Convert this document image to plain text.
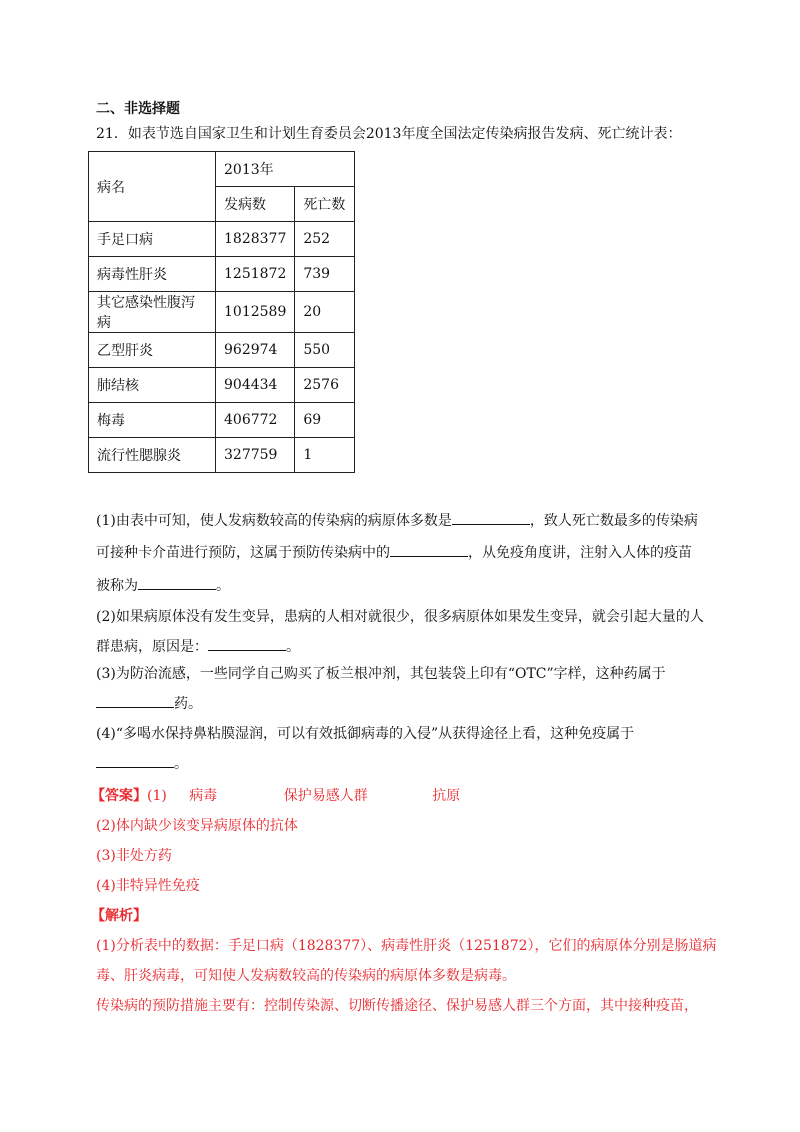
二、非选择题
21．如表节选自国家卫生和计划生育委员会2013年度全国法定传染病报告发病、死亡统计表：
病名	2013年	
	发病数	死亡数
手足口病	1828377	252
病毒性肝炎	1251872	739
其它感染性腹泻病	1012589	20
乙型肝炎	962974	550
肺结核	904434	2576
梅毒	406772	69
流行性腮腺炎	327759	1
(1)由表中可知，使人发病数较高的传染病的病原体多数是	，致人死亡数最多的传染病
可接种卡介苗进行预防，这属于预防传染病中的	，从免疫角度讲，注射入人体的疫苗
被称为	。
(2)如果病原体没有发生变异，患病的人相对就很少，很多病原体如果发生变异，就会引起大量的人
群患病，原因是：	。
(3)为防治流感，一些同学自己购买了板兰根冲剂，其包装袋上印有“OTC”字样，这种药属于
药。
(4)“多喝水保持鼻粘膜湿润，可以有效抵御病毒的入侵”从获得途径上看，这种免疫属于
。
【答案】(1) 病毒	保护易感人群	抗原
(2)体内缺少该变异病原体的抗体
(3)非处方药
(4)非特异性免疫
【解析】
(1)分析表中的数据：手足口病（1828377）、病毒性肝炎（1251872），它们的病原体分别是肠道病
毒、肝炎病毒，可知使人发病数较高的传染病的病原体多数是病毒。
传染病的预防措施主要有：控制传染源、切断传播途径、保护易感人群三个方面，其中接种疫苗，
